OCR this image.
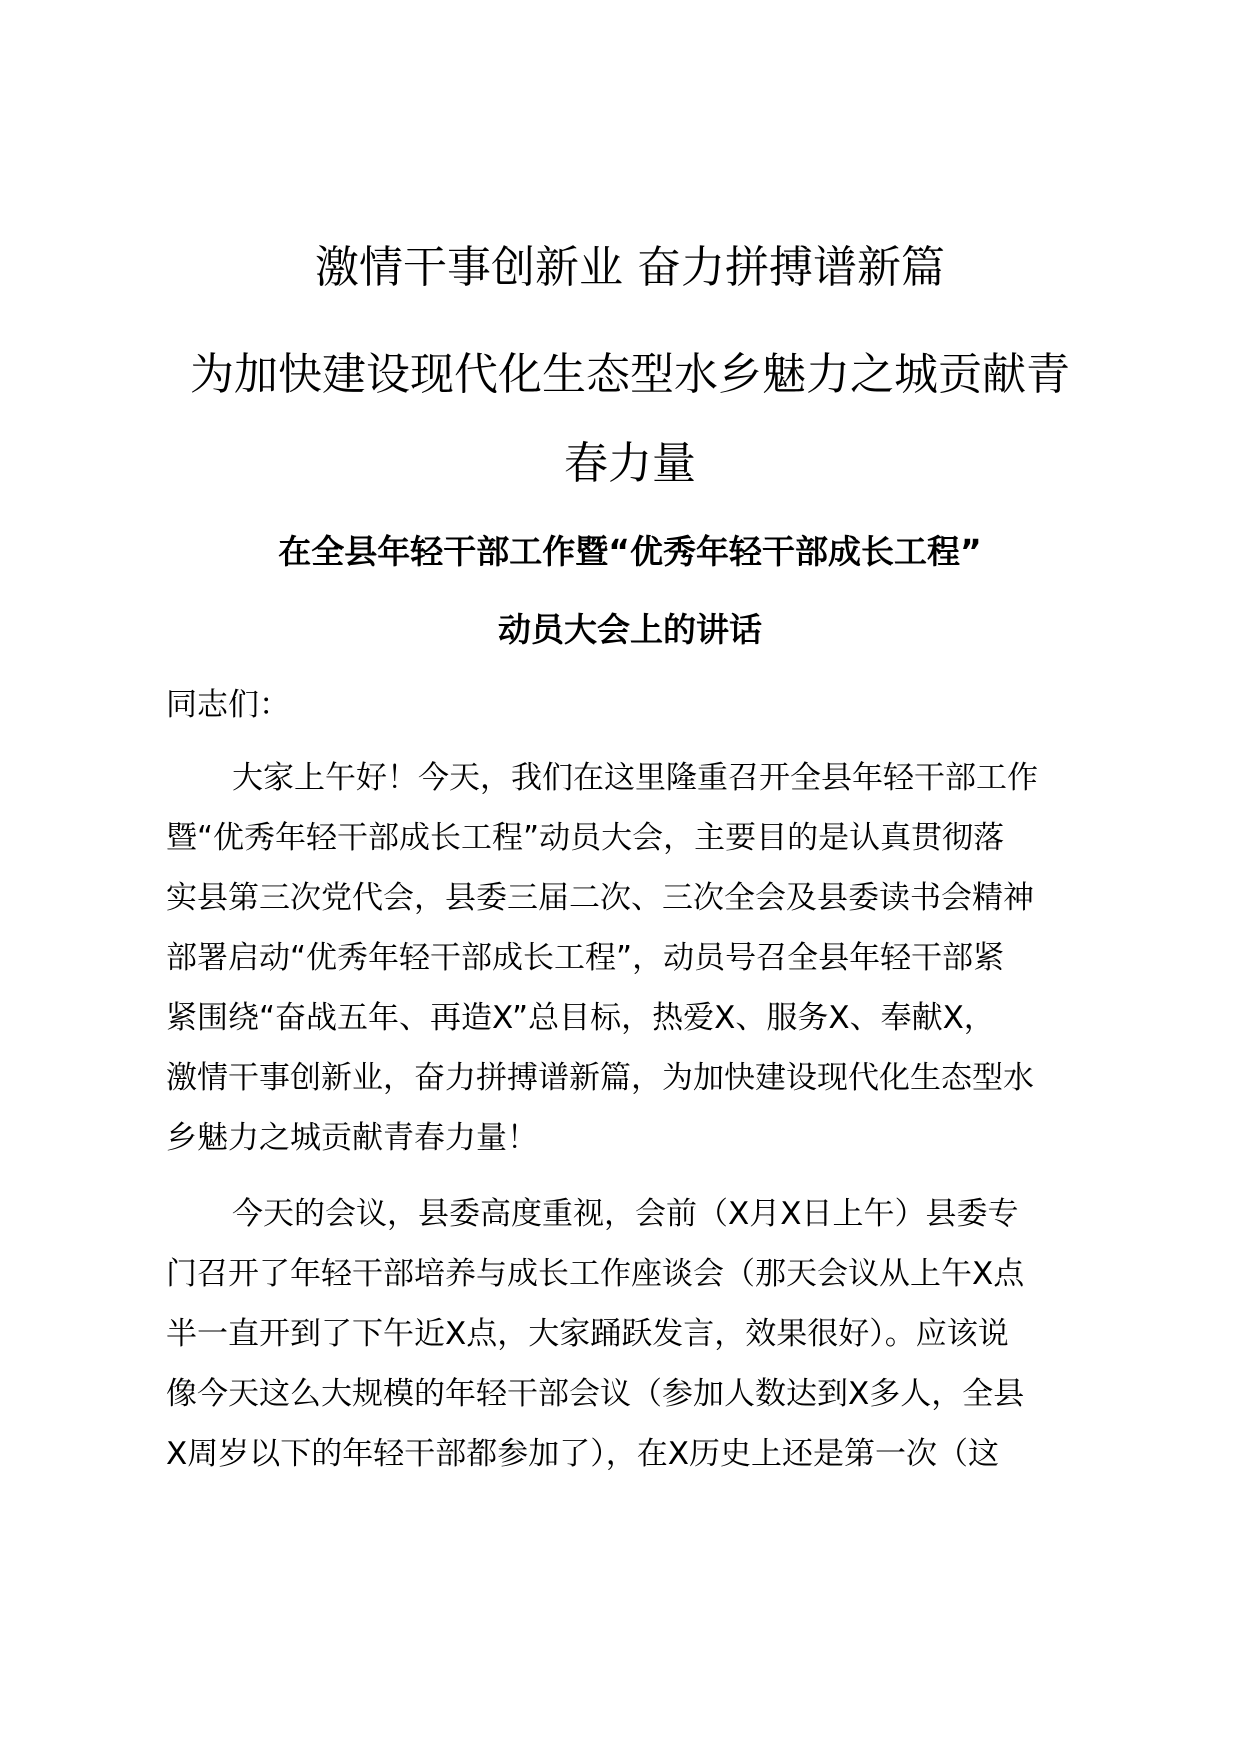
激情干事创新业 奋力拼搏谱新篇
为加快建设现代化生态型水乡魅力之城贡献青
春力量
在全县年轻干部工作暨“优秀年轻干部成长工程”
动员大会上的讲话

同志们：

大家上午好！今天，我们在这里隆重召开全县年轻干部工作
暨“优秀年轻干部成长工程”动员大会，主要目的是认真贯彻落
实县第三次党代会，县委三届二次、三次全会及县委读书会精神
部署启动“优秀年轻干部成长工程”，动员号召全县年轻干部紧
紧围绕“奋战五年、再造X”总目标，热爱X、服务X、奉献X，
激情干事创新业，奋力拼搏谱新篇，为加快建设现代化生态型水
乡魅力之城贡献青春力量！
今天的会议，县委高度重视，会前（X月X日上午）县委专
门召开了年轻干部培养与成长工作座谈会（那天会议从上午X点
半一直开到了下午近X点，大家踊跃发言，效果很好）。应该说
像今天这么大规模的年轻干部会议（参加人数达到X多人，全县
X周岁以下的年轻干部都参加了），在X历史上还是第一次（这
